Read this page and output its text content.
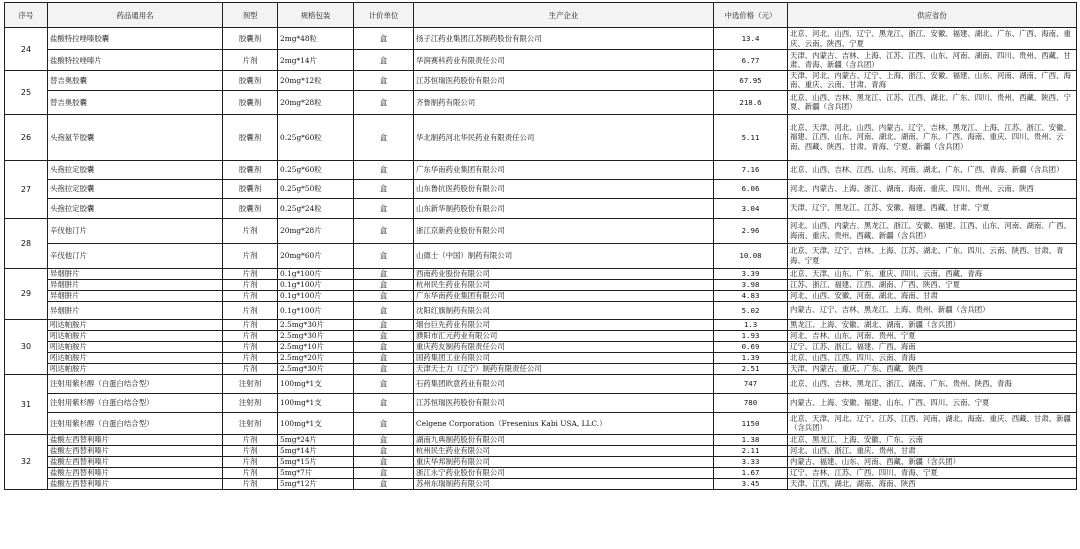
序号	药品通用名	剂型	规格包装	计价单位	生产企业	中选价格（元）	供应省份
24	盐酸特拉唑嗪胶囊	胶囊剂	2mg*48粒	盒	扬子江药业集团江苏制药股份有限公司	13.4	北京、河北、山西、辽宁、黑龙江、浙江、安徽、福建、湖北、广东、广西、海南、重庆、云南、陕西、宁夏
	盐酸特拉唑嗪片	片剂	2mg*14片	盒	华润赛科药业有限责任公司	6.77	天津、内蒙古、吉林、上海、江苏、江西、山东、河南、湖南、四川、贵州、西藏、甘肃、青海、新疆（含兵团）
25	替吉奥胶囊	胶囊剂	20mg*12粒	盒	江苏恒瑞医药股份有限公司	67.95	天津、河北、内蒙古、辽宁、上海、浙江、安徽、福建、山东、河南、湖南、广西、海南、重庆、云南、甘肃、青海
	替吉奥胶囊	胶囊剂	20mg*28粒	盒	齐鲁制药有限公司	218.6	北京、山西、吉林、黑龙江、江苏、江西、湖北、广东、四川、贵州、西藏、陕西、宁夏、新疆（含兵团）
26	头孢氨苄胶囊	胶囊剂	0.25g*60粒	盒	华北制药河北华民药业有限责任公司	5.11	北京、天津、河北、山西、内蒙古、辽宁、吉林、黑龙江、上海、江苏、浙江、安徽、福建、江西、山东、河南、湖北、湖南、广东、广西、海南、重庆、四川、贵州、云南、西藏、陕西、甘肃、青海、宁夏、新疆（含兵团）
27	头孢拉定胶囊	胶囊剂	0.25g*60粒	盒	广东华南药业集团有限公司	7.16	北京、山西、吉林、江西、山东、河南、湖北、广东、广西、青海、新疆（含兵团）
	头孢拉定胶囊	胶囊剂	0.25g*50粒	盒	山东鲁抗医药股份有限公司	6.06	河北、内蒙古、上海、浙江、湖南、海南、重庆、四川、贵州、云南、陕西
	头孢拉定胶囊	胶囊剂	0.25g*24粒	盒	山东新华制药股份有限公司	3.04	天津、辽宁、黑龙江、江苏、安徽、福建、西藏、甘肃、宁夏
28	辛伐他汀片	片剂	20mg*28片	盒	浙江京新药业股份有限公司	2.96	河北、山西、内蒙古、黑龙江、浙江、安徽、福建、江西、山东、河南、湖南、广西、海南、重庆、贵州、西藏、新疆（含兵团）
	辛伐他汀片	片剂	20mg*60片	盒	山德士（中国）制药有限公司	10.08	北京、天津、辽宁、吉林、上海、江苏、湖北、广东、四川、云南、陕西、甘肃、青海、宁夏
29	异烟肼片	片剂	0.1g*100片	盒	西南药业股份有限公司	3.39	北京、天津、山东、广东、重庆、四川、云南、西藏、青海
	异烟肼片	片剂	0.1g*100片	盒	杭州民生药业有限公司	3.98	江苏、浙江、福建、江西、湖南、广西、陕西、宁夏
	异烟肼片	片剂	0.1g*100片	盒	广东华南药业集团有限公司	4.83	河北、山西、安徽、河南、湖北、海南、甘肃
	异烟肼片	片剂	0.1g*100片	盒	沈阳红旗制药有限公司	5.02	内蒙古、辽宁、吉林、黑龙江、上海、贵州、新疆（含兵团）
30	吲达帕胺片	片剂	2.5mg*30片	盒	烟台巨先药业有限公司	1.3	黑龙江、上海、安徽、湖北、湖南、新疆（含兵团）
	吲达帕胺片	片剂	2.5mg*30片	盒	濮阳市汇元药业有限公司	1.93	河北、吉林、山东、河南、贵州、宁夏
	吲达帕胺片	片剂	2.5mg*10片	盒	重庆药友制药有限责任公司	0.69	辽宁、江苏、浙江、福建、广西、海南
	吲达帕胺片	片剂	2.5mg*20片	盒	国药集团工业有限公司	1.39	北京、山西、江西、四川、云南、青海
	吲达帕胺片	片剂	2.5mg*30片	盒	天津天士力（辽宁）制药有限责任公司	2.51	天津、内蒙古、重庆、广东、西藏、陕西
31	注射用紫杉醇（白蛋白结合型）	注射剂	100mg*1支	盒	石药集团欧意药业有限公司	747	北京、山西、吉林、黑龙江、浙江、湖南、广东、贵州、陕西、青海
	注射用紫杉醇（白蛋白结合型）	注射剂	100mg*1支	盒	江苏恒瑞医药股份有限公司	780	内蒙古、上海、安徽、福建、山东、广西、四川、云南、宁夏
	注射用紫杉醇（白蛋白结合型）	注射剂	100mg*1支	盒	Celgene Corporation（Fresenius Kabi USA, LLC.）	1150	北京、天津、河北、辽宁、江苏、江西、河南、湖北、海南、重庆、西藏、甘肃、新疆（含兵团）
32	盐酸左西替利嗪片	片剂	5mg*24片	盒	湖南九典制药股份有限公司	1.38	北京、黑龙江、上海、安徽、广东、云南
	盐酸左西替利嗪片	片剂	5mg*14片	盒	杭州民生药业有限公司	2.11	河北、山西、浙江、重庆、贵州、甘肃
	盐酸左西替利嗪片	片剂	5mg*15片	盒	重庆华邦制药有限公司	3.33	内蒙古、福建、山东、河南、西藏、新疆（含兵团）
	盐酸左西替利嗪片	片剂	5mg*7片	盒	浙江永宁药业股份有限公司	1.67	辽宁、吉林、江苏、广西、四川、青海、宁夏
	盐酸左西替利嗪片	片剂	5mg*12片	盒	苏州东瑞制药有限公司	3.45	天津、江西、湖北、湖南、海南、陕西
